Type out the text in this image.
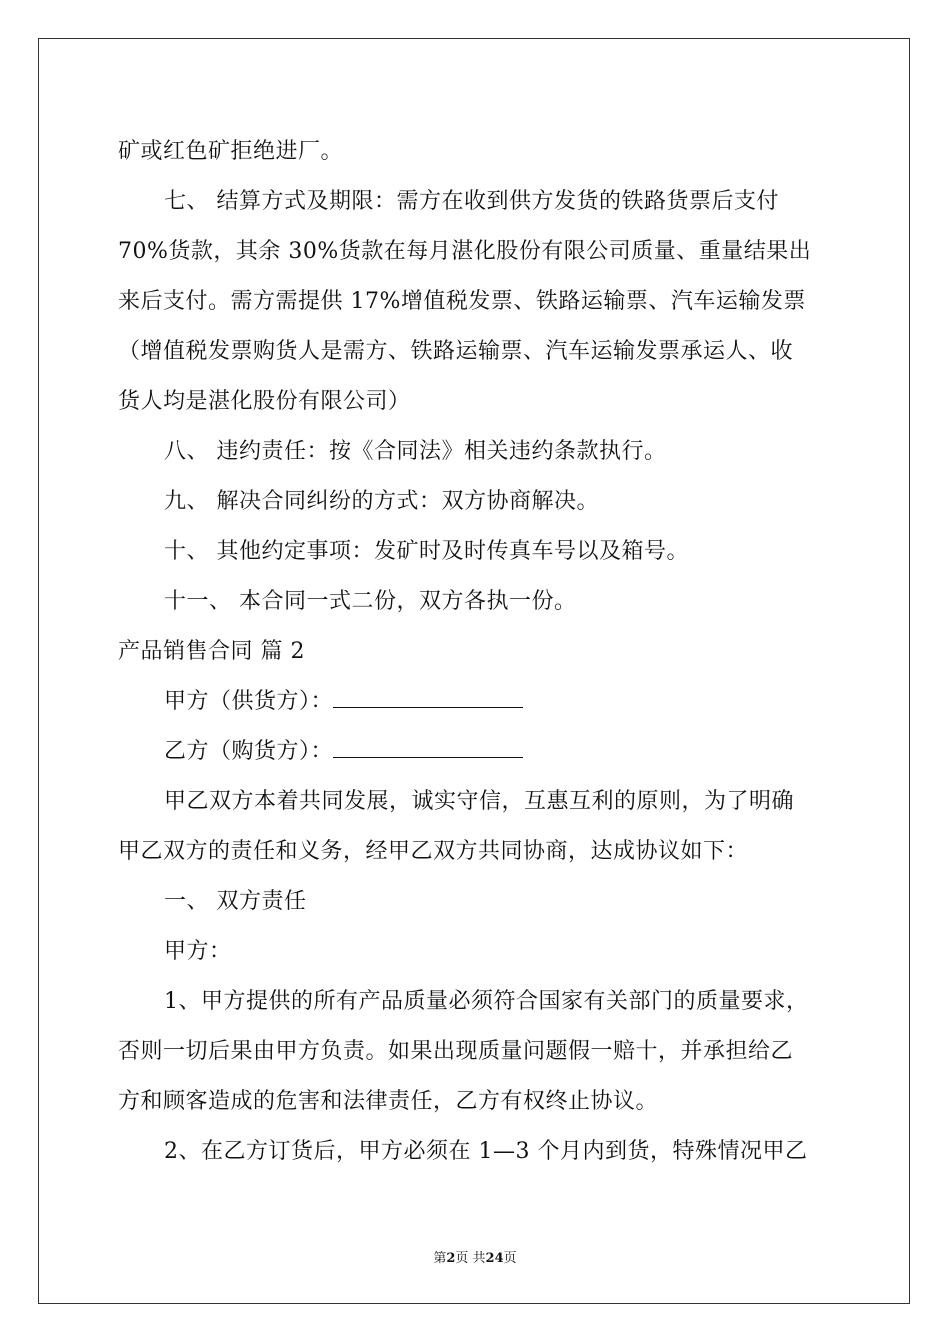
矿或红色矿拒绝进厂。
七、 结算方式及期限：需方在收到供方发货的铁路货票后支付
70%货款，其余 30%货款在每月湛化股份有限公司质量、重量结果出
来后支付。需方需提供 17%增值税发票、铁路运输票、汽车运输发票
（增值税发票购货人是需方、铁路运输票、汽车运输发票承运人、收
货人均是湛化股份有限公司）
八、 违约责任：按《合同法》相关违约条款执行。
九、 解决合同纠纷的方式：双方协商解决。
十、 其他约定事项：发矿时及时传真车号以及箱号。
十一、 本合同一式二份，双方各执一份。
产品销售合同 篇 2
甲方（供货方）：
乙方（购货方）：
甲乙双方本着共同发展，诚实守信，互惠互利的原则，为了明确
甲乙双方的责任和义务，经甲乙双方共同协商，达成协议如下：
一、 双方责任
甲方：
1、甲方提供的所有产品质量必须符合国家有关部门的质量要求，
否则一切后果由甲方负责。如果出现质量问题假一赔十，并承担给乙
方和顾客造成的危害和法律责任，乙方有权终止协议。
2、在乙方订货后，甲方必须在 1—3 个月内到货，特殊情况甲乙
第2页 共24页
